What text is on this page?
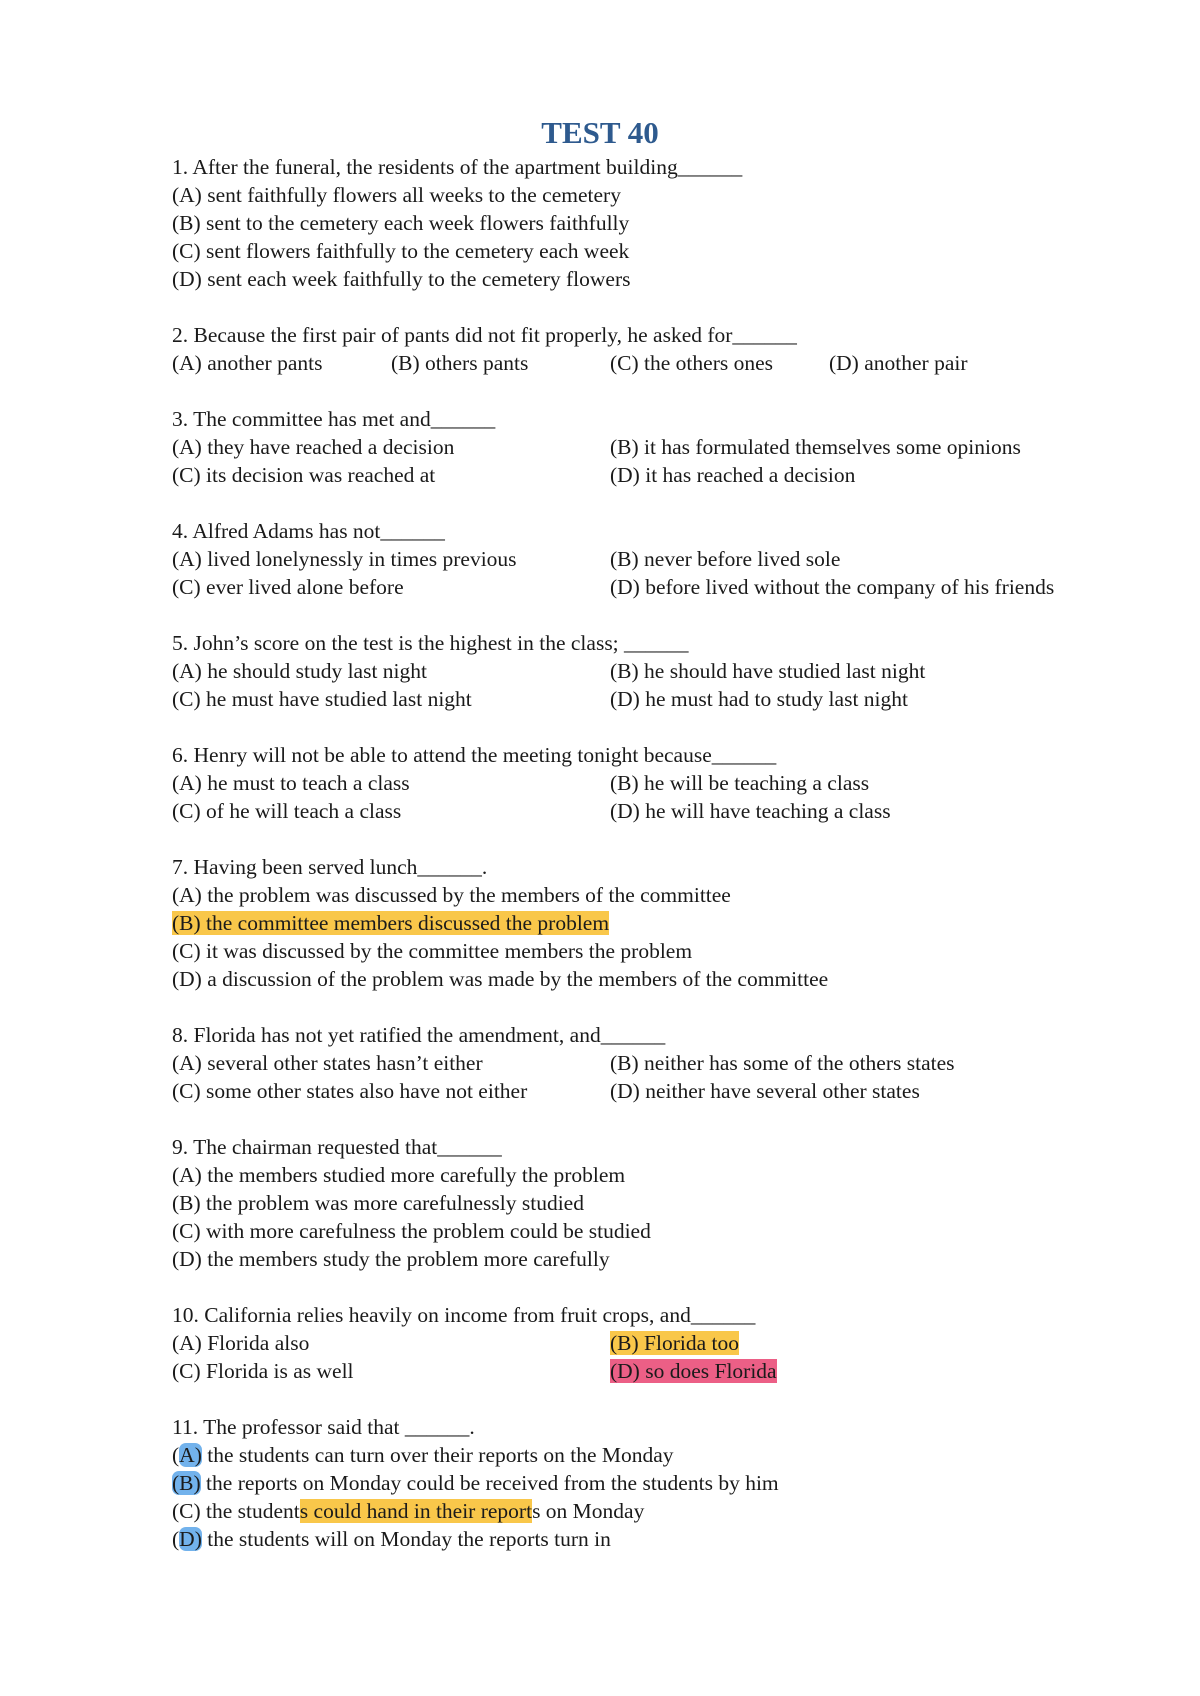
TEST 40
1. After the funeral, the residents of the apartment building______
(A) sent faithfully flowers all weeks to the cemetery
(B) sent to the cemetery each week flowers faithfully
(C) sent flowers faithfully to the cemetery each week
(D) sent each week faithfully to the cemetery flowers
2. Because the first pair of pants did not fit properly, he asked for______
(A) another pants	(B) others pants	(C) the others ones	(D) another pair
3. The committee has met and______
(A) they have reached a decision	(B) it has formulated themselves some opinions
(C) its decision was reached at	(D) it has reached a decision
4. Alfred Adams has not______
(A) lived lonelynessly in times previous	(B) never before lived sole
(C) ever lived alone before	(D) before lived without the company of his friends
5. John’s score on the test is the highest in the class; ______
(A) he should study last night	(B) he should have studied last night
(C) he must have studied last night	(D) he must had to study last night
6. Henry will not be able to attend the meeting tonight because______
(A) he must to teach a class	(B) he will be teaching a class
(C) of he will teach a class	(D) he will have teaching a class
7. Having been served lunch______.
(A) the problem was discussed by the members of the committee
(B) the committee members discussed the problem
(C) it was discussed by the committee members the problem
(D) a discussion of the problem was made by the members of the committee
8. Florida has not yet ratified the amendment, and______
(A) several other states hasn’t either	(B) neither has some of the others states
(C) some other states also have not either	(D) neither have several other states
9. The chairman requested that______
(A) the members studied more carefully the problem
(B) the problem was more carefulnessly studied
(C) with more carefulness the problem could be studied
(D) the members study the problem more carefully
10. California relies heavily on income from fruit crops, and______
(A) Florida also	(B) Florida too
(C) Florida is as well	(D) so does Florida
11. The professor said that ______.
(A) the students can turn over their reports on the Monday
(B) the reports on Monday could be received from the students by him
(C) the students could hand in their reports on Monday
(D) the students will on Monday the reports turn in
